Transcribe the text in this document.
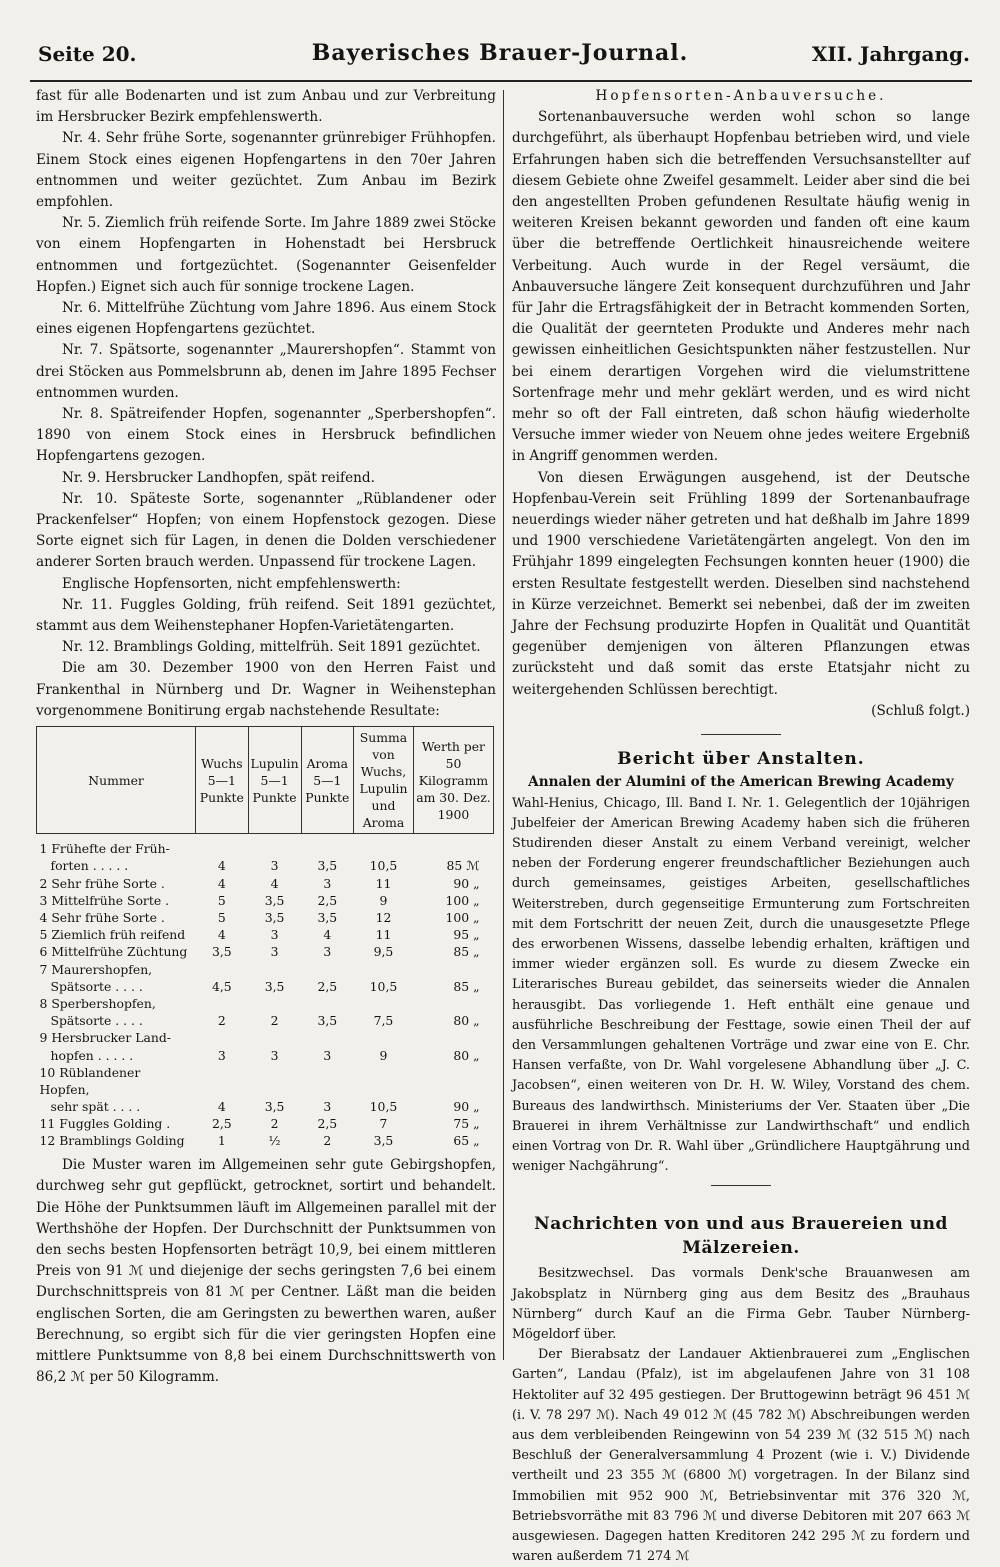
Seite 20.	Bayerisches Brauer-Journal.	XII. Jahrgang.

fast für alle Bodenarten und ist zum Anbau und zur Verbreitung im Hersbrucker Bezirk empfehlenswerth.

Nr. 4. Sehr frühe Sorte, sogenannter grünrebiger Frühhopfen. Einem Stock eines eigenen Hopfengartens in den 70er Jahren entnommen und weiter gezüchtet. Zum Anbau im Bezirk empfohlen.

Nr. 5. Ziemlich früh reifende Sorte. Im Jahre 1889 zwei Stöcke von einem Hopfengarten in Hohenstadt bei Hersbruck entnommen und fortgezüchtet. (Sogenannter Geisenfelder Hopfen.) Eignet sich auch für sonnige trockene Lagen.

Nr. 6. Mittelfrühe Züchtung vom Jahre 1896. Aus einem Stock eines eigenen Hopfengartens gezüchtet.

Nr. 7. Spätsorte, sogenannter „Maurershopfen“. Stammt von drei Stöcken aus Pommelsbrunn ab, denen im Jahre 1895 Fechser entnommen wurden.

Nr. 8. Spätreifender Hopfen, sogenannter „Sperbershopfen“. 1890 von einem Stock eines in Hersbruck befindlichen Hopfengartens gezogen.

Nr. 9. Hersbrucker Landhopfen, spät reifend.

Nr. 10. Späteste Sorte, sogenannter „Rüblandener oder Prackenfelser“ Hopfen; von einem Hopfenstock gezogen. Diese Sorte eignet sich für Lagen, in denen die Dolden verschiedener anderer Sorten brauch werden. Unpassend für trockene Lagen.

Englische Hopfensorten, nicht empfehlenswerth:

Nr. 11. Fuggles Golding, früh reifend. Seit 1891 gezüchtet, stammt aus dem Weihenstephaner Hopfen-Varietätengarten.

Nr. 12. Bramblings Golding, mittelfrüh. Seit 1891 gezüchtet.

Die am 30. Dezember 1900 von den Herren Faist und Frankenthal in Nürnberg und Dr. Wagner in Weihenstephan vorgenommene Bonitirung ergab nachstehende Resultate:

Nummer	Wuchs 5—1 Punkte	Lupulin 5—1 Punkte	Aroma 5—1 Punkte	Summa von Wuchs, Lupulin und Aroma	Werth per 50 Kilogramm am 30. Dez. 1900
1 Frühefte der Früh-					
forten . . . . .	4	3	3,5	10,5	85 ℳ
2 Sehr frühe Sorte .	4	4	3	11	90 „
3 Mittelfrühe Sorte .	5	3,5	2,5	9	100 „
4 Sehr frühe Sorte .	5	3,5	3,5	12	100 „
5 Ziemlich früh reifend	4	3	4	11	95 „
6 Mittelfrühe Züchtung	3,5	3	3	9,5	85 „
7 Maurershopfen,					
Spätsorte . . . .	4,5	3,5	2,5	10,5	85 „
8 Sperbershopfen,					
Spätsorte . . . .	2	2	3,5	7,5	80 „
9 Hersbrucker Land-					
hopfen . . . . .	3	3	3	9	80 „
10 Rüblandener Hopfen,					
sehr spät . . . .	4	3,5	3	10,5	90 „
11 Fuggles Golding .	2,5	2	2,5	7	75 „
12 Bramblings Golding	1	½	2	3,5	65 „

Die Muster waren im Allgemeinen sehr gute Gebirgshopfen, durchweg sehr gut gepflückt, getrocknet, sortirt und behandelt. Die Höhe der Punktsummen läuft im Allgemeinen parallel mit der Werthshöhe der Hopfen. Der Durchschnitt der Punktsummen von den sechs besten Hopfensorten beträgt 10,9, bei einem mittleren Preis von 91 ℳ und diejenige der sechs geringsten 7,6 bei einem Durchschnittspreis von 81 ℳ per Centner. Läßt man die beiden englischen Sorten, die am Geringsten zu bewerthen waren, außer Berechnung, so ergibt sich für die vier geringsten Hopfen eine mittlere Punktsumme von 8,8 bei einem Durchschnittswerth von 86,2 ℳ per 50 Kilogramm.

Hopfensorten-Anbauversuche.

Sortenanbauversuche werden wohl schon so lange durchgeführt, als überhaupt Hopfenbau betrieben wird, und viele Erfahrungen haben sich die betreffenden Versuchsanstellter auf diesem Gebiete ohne Zweifel gesammelt. Leider aber sind die bei den angestellten Proben gefundenen Resultate häufig wenig in weiteren Kreisen bekannt geworden und fanden oft eine kaum über die betreffende Oertlichkeit hinausreichende weitere Verbeitung. Auch wurde in der Regel versäumt, die Anbauversuche längere Zeit konsequent durchzuführen und Jahr für Jahr die Ertragsfähigkeit der in Betracht kommenden Sorten, die Qualität der geernteten Produkte und Anderes mehr nach gewissen einheitlichen Gesichtspunkten näher festzustellen. Nur bei einem derartigen Vorgehen wird die vielumstrittene Sortenfrage mehr und mehr geklärt werden, und es wird nicht mehr so oft der Fall eintreten, daß schon häufig wiederholte Versuche immer wieder von Neuem ohne jedes weitere Ergebniß in Angriff genommen werden.

Von diesen Erwägungen ausgehend, ist der Deutsche Hopfenbau-Verein seit Frühling 1899 der Sortenanbaufrage neuerdings wieder näher getreten und hat deßhalb im Jahre 1899 und 1900 verschiedene Varietätengärten angelegt. Von den im Frühjahr 1899 eingelegten Fechsungen konnten heuer (1900) die ersten Resultate festgestellt werden. Dieselben sind nachstehend in Kürze verzeichnet. Bemerkt sei nebenbei, daß der im zweiten Jahre der Fechsung produzirte Hopfen in Qualität und Quantität gegenüber demjenigen von älteren Pflanzungen etwas zurücksteht und daß somit das erste Etatsjahr nicht zu weitergehenden Schlüssen berechtigt.

(Schluß folgt.)

Bericht über Anstalten.

Annalen der Alumini of the American Brewing Academy

Wahl-Henius, Chicago, Ill. Band I. Nr. 1. Gelegentlich der 10jährigen Jubelfeier der American Brewing Academy haben sich die früheren Studirenden dieser Anstalt zu einem Verband vereinigt, welcher neben der Forderung engerer freundschaftlicher Beziehungen auch durch gemeinsames, geistiges Arbeiten, gesellschaftliches Weiterstreben, durch gegenseitige Ermunterung zum Fortschreiten mit dem Fortschritt der neuen Zeit, durch die unausgesetzte Pflege des erworbenen Wissens, dasselbe lebendig erhalten, kräftigen und immer wieder ergänzen soll. Es wurde zu diesem Zwecke ein Literarisches Bureau gebildet, das seinerseits wieder die Annalen herausgibt. Das vorliegende 1. Heft enthält eine genaue und ausführliche Beschreibung der Festtage, sowie einen Theil der auf den Versammlungen gehaltenen Vorträge und zwar eine von E. Chr. Hansen verfaßte, von Dr. Wahl vorgelesene Abhandlung über „J. C. Jacobsen“, einen weiteren von Dr. H. W. Wiley, Vorstand des chem. Bureaus des landwirthsch. Ministeriums der Ver. Staaten über „Die Brauerei in ihrem Verhältnisse zur Landwirthschaft“ und endlich einen Vortrag von Dr. R. Wahl über „Gründlichere Hauptgährung und weniger Nachgährung“.

Nachrichten von und aus Brauereien und Mälzereien.

Besitzwechsel. Das vormals Denk'sche Brauanwesen am Jakobsplatz in Nürnberg ging aus dem Besitz des „Brauhaus Nürnberg“ durch Kauf an die Firma Gebr. Tauber Nürnberg-Mögeldorf über.

Der Bierabsatz der Landauer Aktienbrauerei zum „Englischen Garten“, Landau (Pfalz), ist im abgelaufenen Jahre von 31 108 Hektoliter auf 32 495 gestiegen. Der Bruttogewinn beträgt 96 451 ℳ (i. V. 78 297 ℳ). Nach 49 012 ℳ (45 782 ℳ) Abschreibungen werden aus dem verbleibenden Reingewinn von 54 239 ℳ (32 515 ℳ) nach Beschluß der Generalversammlung 4 Prozent (wie i. V.) Dividende vertheilt und 23 355 ℳ (6800 ℳ) vorgetragen. In der Bilanz sind Immobilien mit 952 900 ℳ, Betriebsinventar mit 376 320 ℳ, Betriebsvorräthe mit 83 796 ℳ und diverse Debitoren mit 207 663 ℳ ausgewiesen. Dagegen hatten Kreditoren 242 295 ℳ zu fordern und waren außerdem 71 274 ℳ
